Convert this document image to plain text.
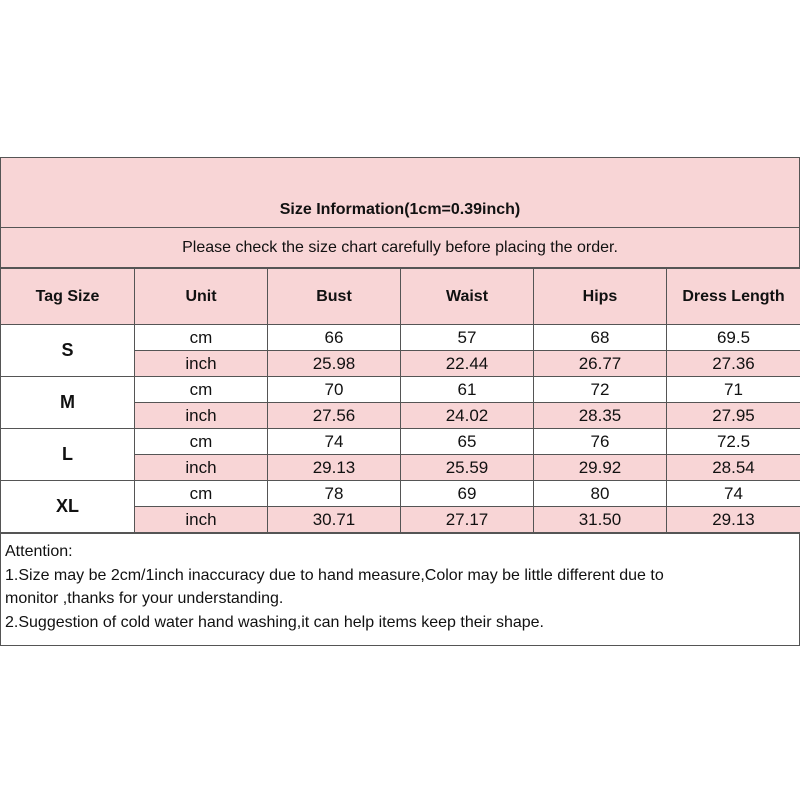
Size Information(1cm=0.39inch)
Please check the size chart carefully before placing the order.
Tag Size	Unit	Bust	Waist	Hips	Dress Length
S	cm	66	57	68	69.5
	inch	25.98	22.44	26.77	27.36
M	cm	70	61	72	71
	inch	27.56	24.02	28.35	27.95
L	cm	74	65	76	72.5
	inch	29.13	25.59	29.92	28.54
XL	cm	78	69	80	74
	inch	30.71	27.17	31.50	29.13
Attention:
1.Size may be 2cm/1inch inaccuracy due to hand measure,Color may be little different due to
monitor ,thanks for your understanding.
2.Suggestion of cold water hand washing,it can help items keep their shape.
